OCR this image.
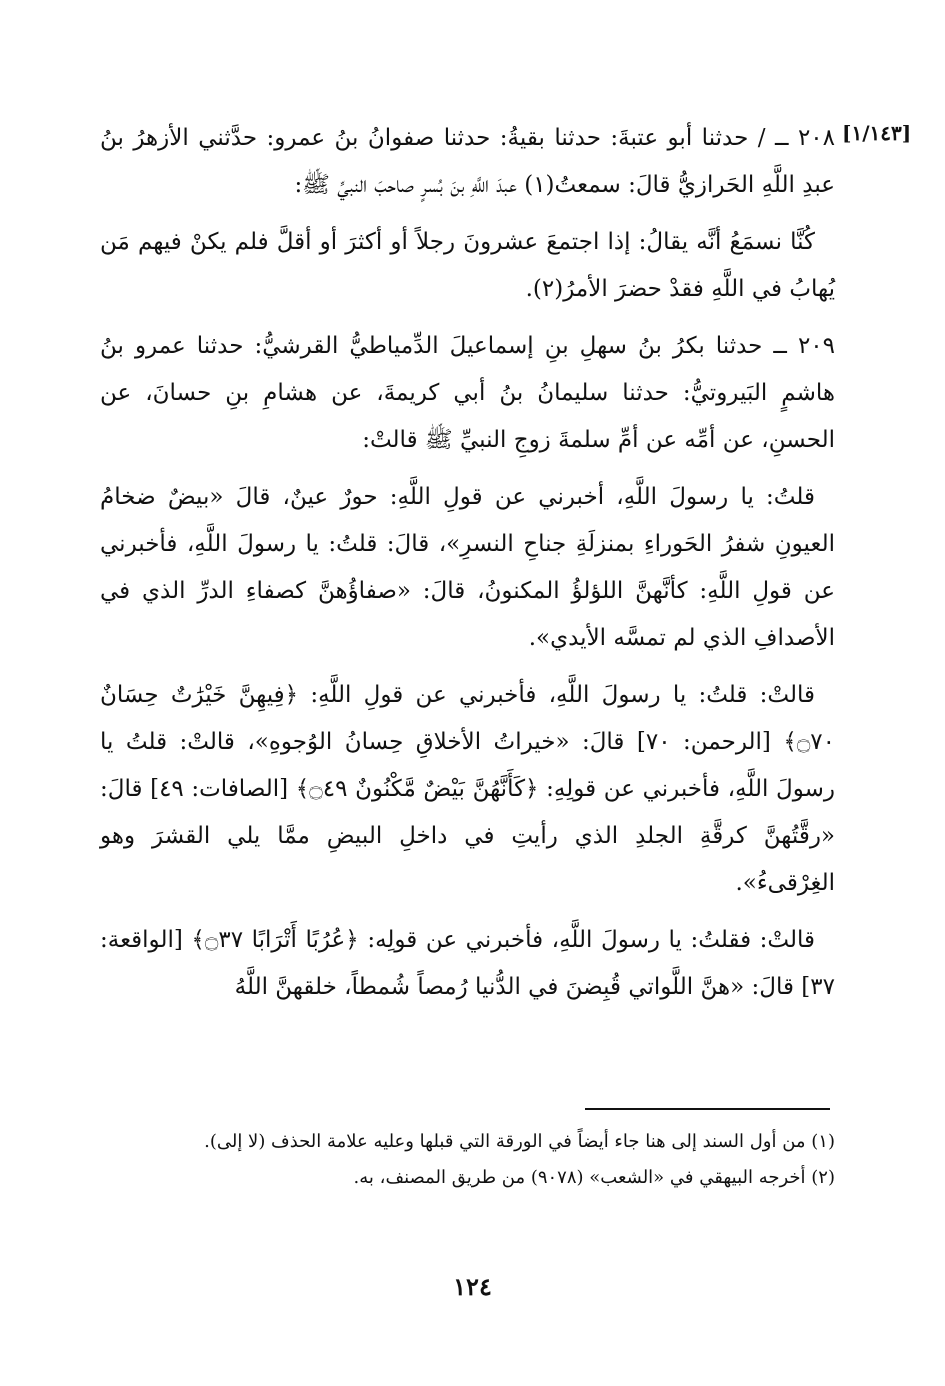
[١/١٤٣]

٢٠٨ ــ / حدثنا أبو عتبةَ: حدثنا بقيةُ: حدثنا صفوانُ بنُ عمرو: حدَّثني الأزهرُ بنُ عبدِ اللَّهِ الحَرازيُّ قالَ: سمعتُ(١) عبدَ اللَّهِ بنَ بُسرٍ صاحبَ النبيِّ ﷺ:

كُنَّا نسمَعُ أنَّه يقالُ: إذا اجتمعَ عشرونَ رجلاً أو أكثرَ أو أقلَّ فلم يكنْ فيهم مَن يُهابُ في اللَّهِ فقدْ حضرَ الأمرُ(٢).

٢٠٩ ــ حدثنا بكرُ بنُ سهلِ بنِ إسماعيلَ الدِّمياطيُّ القرشيُّ: حدثنا عمرو بنُ هاشمٍ البَيروتيُّ: حدثنا سليمانُ بنُ أبي كريمةَ، عن هشامِ بنِ حسانَ، عن الحسنِ، عن أمِّه عن أمِّ سلمةَ زوجِ النبيِّ ﷺ قالتْ:

قلتُ: يا رسولَ اللَّهِ، أخبرني عن قولِ اللَّهِ: حورٌ عينٌ، قالَ «بيضٌ ضخامُ العيونِ شفرُ الحَوراءِ بمنزلَةِ جناحِ النسرِ»، قالَ: قلتُ: يا رسولَ اللَّهِ، فأخبرني عن قولِ اللَّهِ: كأنَّهنَّ اللؤلؤُ المكنونُ، قالَ: «صفاؤُهنَّ كصفاءِ الدرِّ الذي في الأصدافِ الذي لم تمسَّه الأيدي».

قالتْ: قلتُ: يا رسولَ اللَّهِ، فأخبرني عن قولِ اللَّهِ: ﴿فِيهِنَّ خَيْرَٰتٌ حِسَانٌ ۝٧٠﴾ [الرحمن: ٧٠] قالَ: «خيراتُ الأخلاقِ حِسانُ الوُجوهِ»، قالتْ: قلتُ يا رسولَ اللَّهِ، فأخبرني عن قولِهِ: ﴿كَأَنَّهُنَّ بَيْضٌ مَّكْنُونٌ ۝٤٩﴾ [الصافات: ٤٩] قالَ: «رقَّتُهنَّ كرقَّةِ الجلدِ الذي رأيتِ في داخلِ البيضِ ممَّا يلي القشرَ وهو الغِرْقىءُ».

قالتْ: فقلتُ: يا رسولَ اللَّهِ، فأخبرني عن قولِه: ﴿عُرُبًا أَتْرَابًا ۝٣٧﴾ [الواقعة: ٣٧] قالَ: «هنَّ اللَّواتي قُبِضنَ في الدُّنيا رُمصاً شُمطاً، خلقهنَّ اللَّهُ

(١) من أول السند إلى هنا جاء أيضاً في الورقة التي قبلها وعليه علامة الحذف (لا إلى).

(٢) أخرجه البيهقي في «الشعب» (٩٠٧٨) من طريق المصنف، به.

١٢٤
